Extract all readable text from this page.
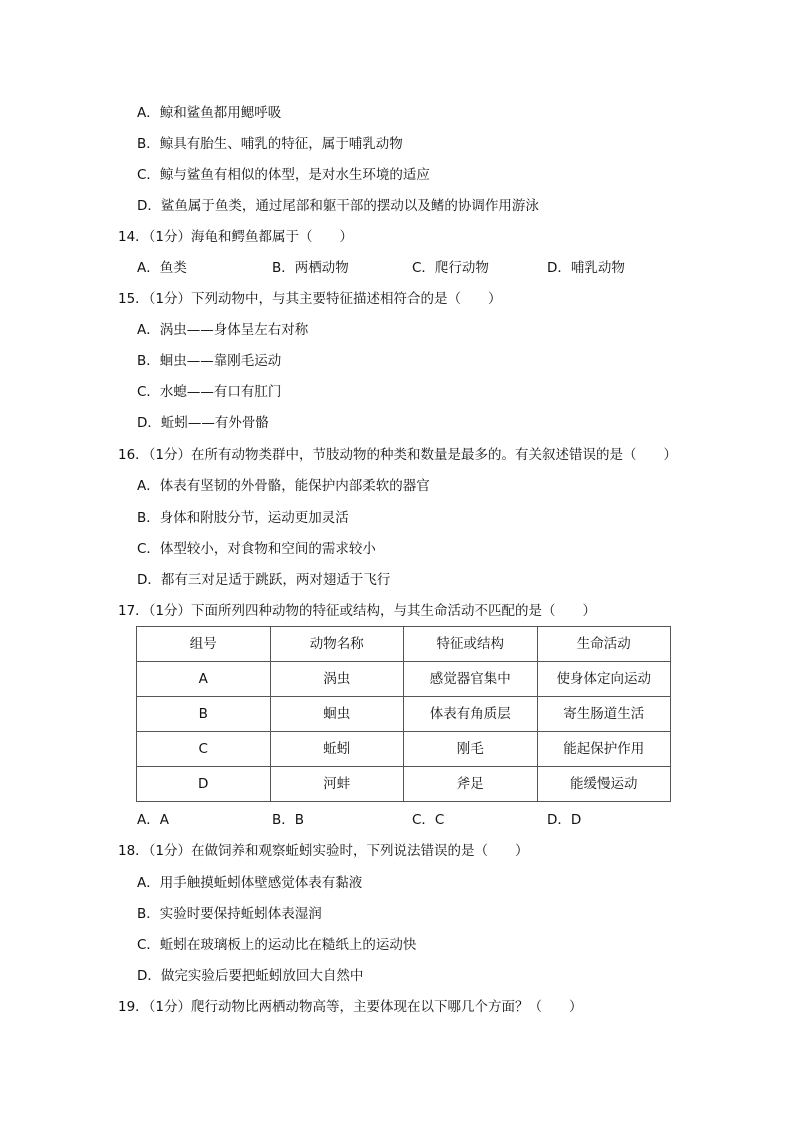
A．鲸和鲨鱼都用鳃呼吸
B．鲸具有胎生、哺乳的特征，属于哺乳动物
C．鲸与鲨鱼有相似的体型，是对水生环境的适应
D．鲨鱼属于鱼类，通过尾部和躯干部的摆动以及鳍的协调作用游泳
14．（1分）海龟和鳄鱼都属于（　　）
A．鱼类	B．两栖动物	C．爬行动物	D．哺乳动物
15．（1分）下列动物中，与其主要特征描述相符合的是（　　）
A．涡虫——身体呈左右对称
B．蛔虫——靠刚毛运动
C．水螅——有口有肛门
D．蚯蚓——有外骨骼
16．（1分）在所有动物类群中，节肢动物的种类和数量是最多的。有关叙述错误的是（　　）
A．体表有坚韧的外骨骼，能保护内部柔软的器官
B．身体和附肢分节，运动更加灵活
C．体型较小，对食物和空间的需求较小
D．都有三对足适于跳跃，两对翅适于飞行
17．（1分）下面所列四种动物的特征或结构，与其生命活动不匹配的是（　　）
组号	动物名称	特征或结构	生命活动
A	涡虫	感觉器官集中	使身体定向运动
B	蛔虫	体表有角质层	寄生肠道生活
C	蚯蚓	刚毛	能起保护作用
D	河蚌	斧足	能缓慢运动
A．A	B．B	C．C	D．D
18．（1分）在做饲养和观察蚯蚓实验时，下列说法错误的是（　　）
A．用手触摸蚯蚓体壁感觉体表有黏液
B．实验时要保持蚯蚓体表湿润
C．蚯蚓在玻璃板上的运动比在糙纸上的运动快
D．做完实验后要把蚯蚓放回大自然中
19．（1分）爬行动物比两栖动物高等，主要体现在以下哪几个方面？（　　）
